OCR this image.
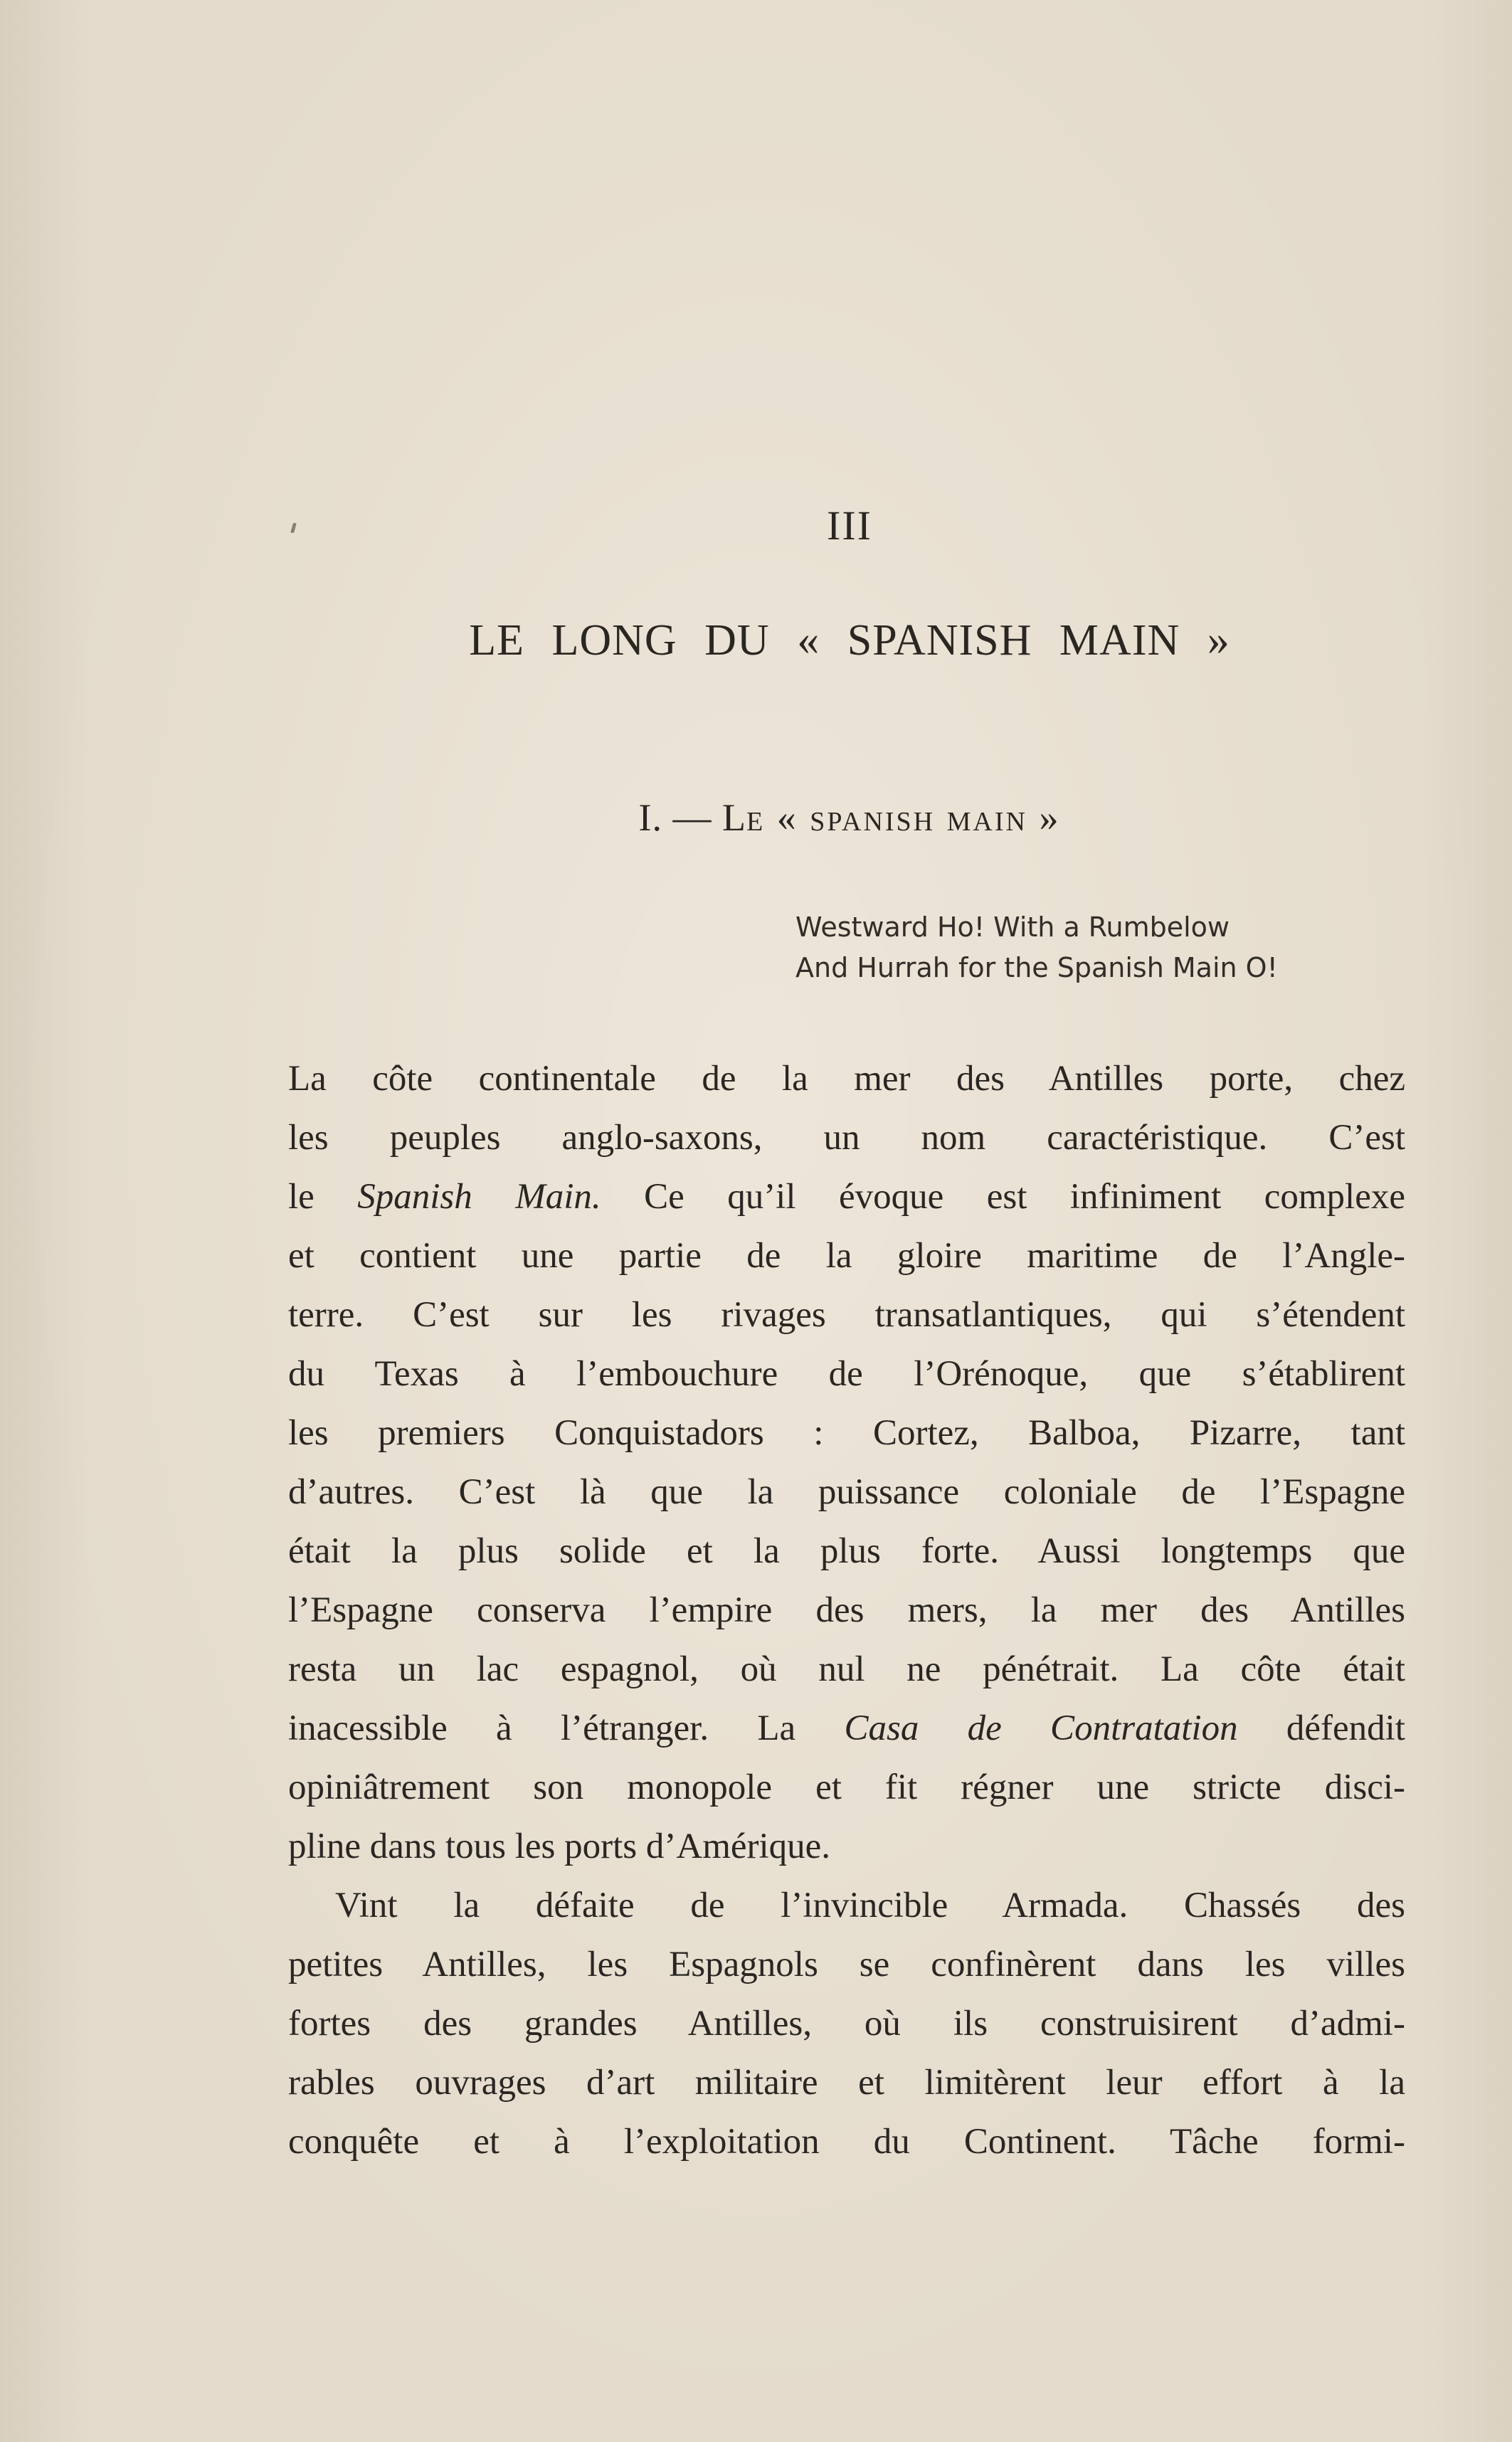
III
LE LONG DU « SPANISH MAIN »
I. — Le « spanish main »
Westward Ho! With a Rumbelow
And Hurrah for the Spanish Main O!
La côte continentale de la mer des Antilles porte, chez
les peuples anglo-saxons, un nom caractéristique. C’est
le Spanish Main. Ce qu’il évoque est infiniment complexe
et contient une partie de la gloire maritime de l’Angle-
terre. C’est sur les rivages transatlantiques, qui s’étendent
du Texas à l’embouchure de l’Orénoque, que s’établirent
les premiers Conquistadors : Cortez, Balboa, Pizarre, tant
d’autres. C’est là que la puissance coloniale de l’Espagne
était la plus solide et la plus forte. Aussi longtemps que
l’Espagne conserva l’empire des mers, la mer des Antilles
resta un lac espagnol, où nul ne pénétrait. La côte était
inacessible à l’étranger. La Casa de Contratation défendit
opiniâtrement son monopole et fit régner une stricte disci-
pline dans tous les ports d’Amérique.
Vint la défaite de l’invincible Armada. Chassés des
petites Antilles, les Espagnols se confinèrent dans les villes
fortes des grandes Antilles, où ils construisirent d’admi-
rables ouvrages d’art militaire et limitèrent leur effort à la
conquête et à l’exploitation du Continent. Tâche formi-
